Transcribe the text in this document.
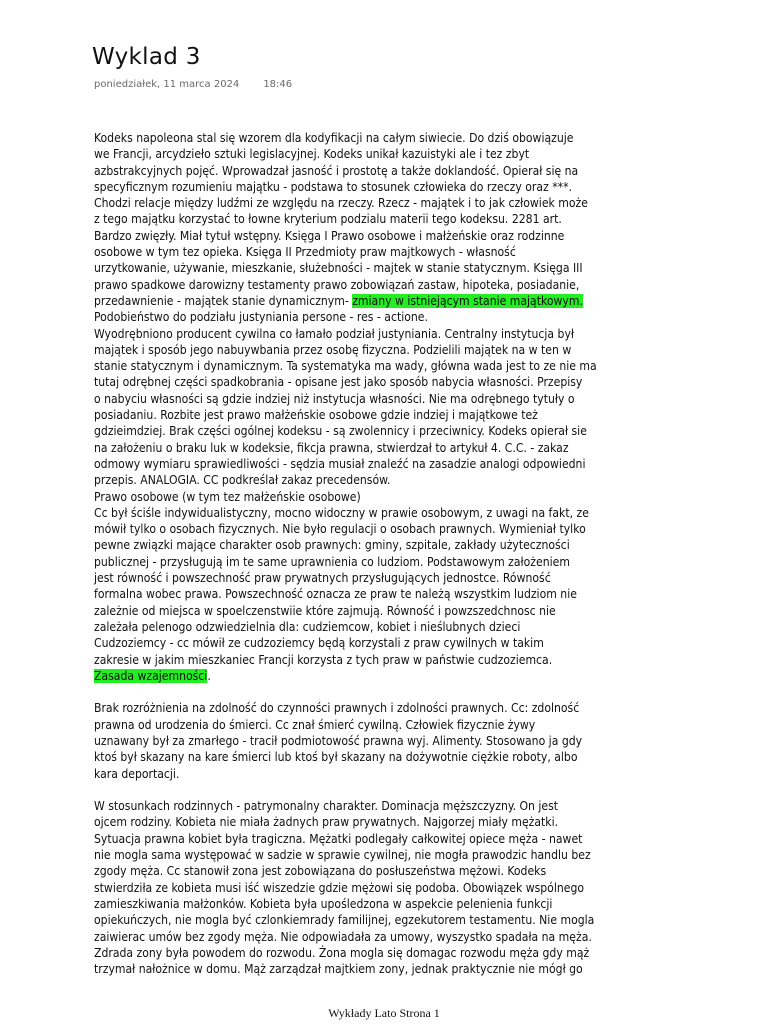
Wyklad 3
poniedziałek, 11 marca 2024 18:46
Kodeks napoleona stal się wzorem dla kodyfikacji na całym siwiecie. Do dziś obowiązuje
we Francji, arcydzieło sztuki legislacyjnej. Kodeks unikał kazuistyki ale i tez zbyt
azbstrakcyjnych pojęć. Wprowadzał jasność i prostotę a także doklandość. Opierał się na
specyficznym rozumieniu majątku - podstawa to stosunek człowieka do rzeczy oraz ***.
Chodzi relacje między ludźmi ze względu na rzeczy. Rzecz - majątek i to jak człowiek może
z tego majątku korzystać to łowne kryterium podzialu materii tego kodeksu. 2281 art.
Bardzo zwięzły. Miał tytuł wstępny. Księga I Prawo osobowe i małżeńskie oraz rodzinne
osobowe w tym tez opieka. Księga II Przedmioty praw majtkowych - własność
urzytkowanie, używanie, mieszkanie, służebności - majtek w stanie statycznym. Księga III
prawo spadkowe darowizny testamenty prawo zobowiązań zastaw, hipoteka, posiadanie,
przedawnienie - majątek stanie dynamicznym- zmiany w istniejącym stanie majątkowym.
Podobieństwo do podziału justyniania persone - res - actione.
Wyodrębniono producent cywilna co łamało podział justyniania. Centralny instytucja był
majątek i sposób jego nabuywbania przez osobę fizyczna. Podzielili majątek na w ten w
stanie statycznym i dynamicznym. Ta systematyka ma wady, główna wada jest to ze nie ma
tutaj odrębnej części spadkobrania - opisane jest jako sposób nabycia własności. Przepisy
o nabyciu własności są gdzie indziej niż instytucja własności. Nie ma odrębnego tytuły o
posiadaniu. Rozbite jest prawo małżeńskie osobowe gdzie indziej i majątkowe też
gdzieimdziej. Brak części ogólnej kodeksu - są zwolennicy i przeciwnicy. Kodeks opierał sie
na założeniu o braku luk w kodeksie, fikcja prawna, stwierdzał to artykuł 4. C.C. - zakaz
odmowy wymiaru sprawiedliwości - sędzia musiał znaleźć na zasadzie analogi odpowiedni
przepis. ANALOGIA. CC podkreślał zakaz precedensów.
Prawo osobowe (w tym tez małżeńskie osobowe)
Cc był ściśle indywidualistyczny, mocno widoczny w prawie osobowym, z uwagi na fakt, ze
mówił tylko o osobach fizycznych. Nie było regulacji o osobach prawnych. Wymieniał tylko
pewne związki mające charakter osob prawnych: gminy, szpitale, zakłady użyteczności
publicznej - przysługują im te same uprawnienia co ludziom. Podstawowym założeniem
jest równość i powszechność praw prywatnych przysługujących jednostce. Równość
formalna wobec prawa. Powszechność oznacza ze praw te należą wszystkim ludziom nie
zależnie od miejsca w spoelczenstwiie które zajmują. Równość i powzszedchnosc nie
zależała pelenogo odzwiedzielnia dla: cudziemcow, kobiet i nieślubnych dzieci
Cudzoziemcy - cc mówił ze cudzoziemcy będą korzystali z praw cywilnych w takim
zakresie w jakim mieszkaniec Francji korzysta z tych praw w państwie cudzoziemca.
Zasada wzajemności.
Brak rozróżnienia na zdolność do czynności prawnych i zdolności prawnych. Cc: zdolność
prawna od urodzenia do śmierci. Cc znał śmierć cywilną. Człowiek fizycznie żywy
uznawany był za zmarłego - tracił podmiotowość prawna wyj. Alimenty. Stosowano ja gdy
ktoś był skazany na kare śmierci lub ktoś był skazany na dożywotnie ciężkie roboty, albo
kara deportacji.
W stosunkach rodzinnych - patrymonalny charakter. Dominacja męższczyzny. On jest
ojcem rodziny. Kobieta nie miała żadnych praw prywatnych. Najgorzej miały mężatki.
Sytuacja prawna kobiet była tragiczna. Mężatki podlegały całkowitej opiece męża - nawet
nie mogla sama występować w sadzie w sprawie cywilnej, nie mogła prawodzic handlu bez
zgody męża. Cc stanowił zona jest zobowiązana do posłuszeństwa mężowi. Kodeks
stwierdziła ze kobieta musi iść wiszedzie gdzie mężowi się podoba. Obowiązek wspólnego
zamieszkiwania małżonków. Kobieta była upośledzona w aspekcie pelenienia funkcji
opiekuńczych, nie mogla być czlonkiemrady familijnej, egzekutorem testamentu. Nie mogla
zaiwierac umów bez zgody męża. Nie odpowiadała za umowy, wyszystko spadała na męża.
Zdrada zony była powodem do rozwodu. Żona mogla się domagac rozwodu męża gdy mąż
trzymał nałożnice w domu. Mąż zarządzał majtkiem zony, jednak praktycznie nie mógł go
Wykłady Lato Strona 1
